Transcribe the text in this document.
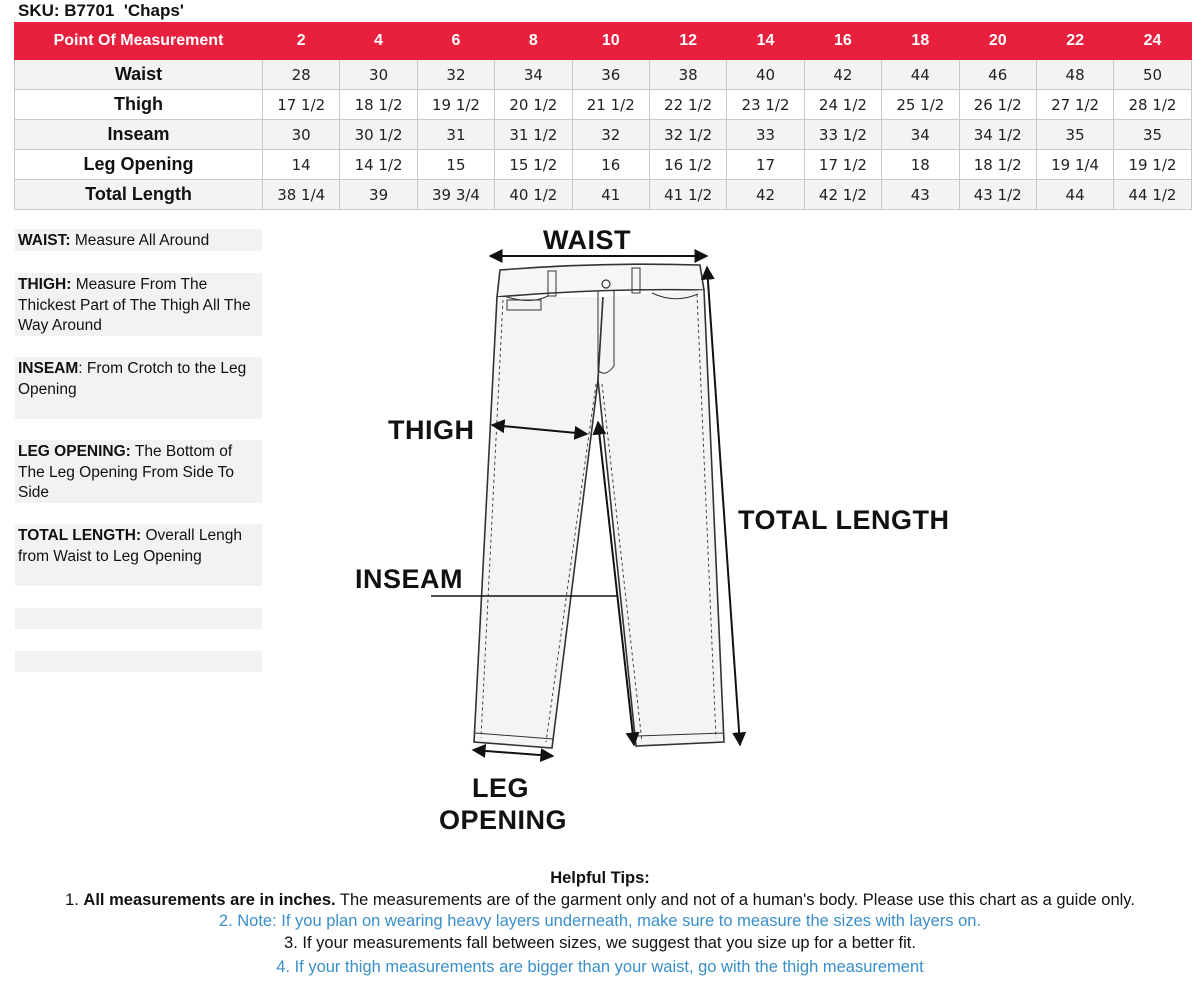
SKU: B7701  'Chaps'
Point Of Measurement	2	4	6	8	10	12	14	16	18	20	22	24
Waist	28	30	32	34	36	38	40	42	44	46	48	50
Thigh	17 1/2	18 1/2	19 1/2	20 1/2	21 1/2	22 1/2	23 1/2	24 1/2	25 1/2	26 1/2	27 1/2	28 1/2
Inseam	30	30 1/2	31	31 1/2	32	32 1/2	33	33 1/2	34	34 1/2	35	35
Leg Opening	14	14 1/2	15	15 1/2	16	16 1/2	17	17 1/2	18	18 1/2	19 1/4	19 1/2
Total Length	38 1/4	39	39 3/4	40 1/2	41	41 1/2	42	42 1/2	43	43 1/2	44	44 1/2
WAIST: Measure All Around
THIGH: Measure From The Thickest Part of The Thigh All The Way Around
INSEAM: From Crotch to the Leg Opening
LEG OPENING: The Bottom of The Leg Opening From Side To Side
TOTAL LENGTH: Overall Lengh from Waist to Leg Opening
WAIST
THIGH
INSEAM
TOTAL LENGTH
LEG
OPENING
Helpful Tips:
1. All measurements are in inches. The measurements are of the garment only and not of a human's body. Please use this chart as a guide only.
2. Note: If you plan on wearing heavy layers underneath, make sure to measure the sizes with layers on.
3. If your measurements fall between sizes, we suggest that you size up for a better fit.
4. If your thigh measurements are bigger than your waist, go with the thigh measurement
